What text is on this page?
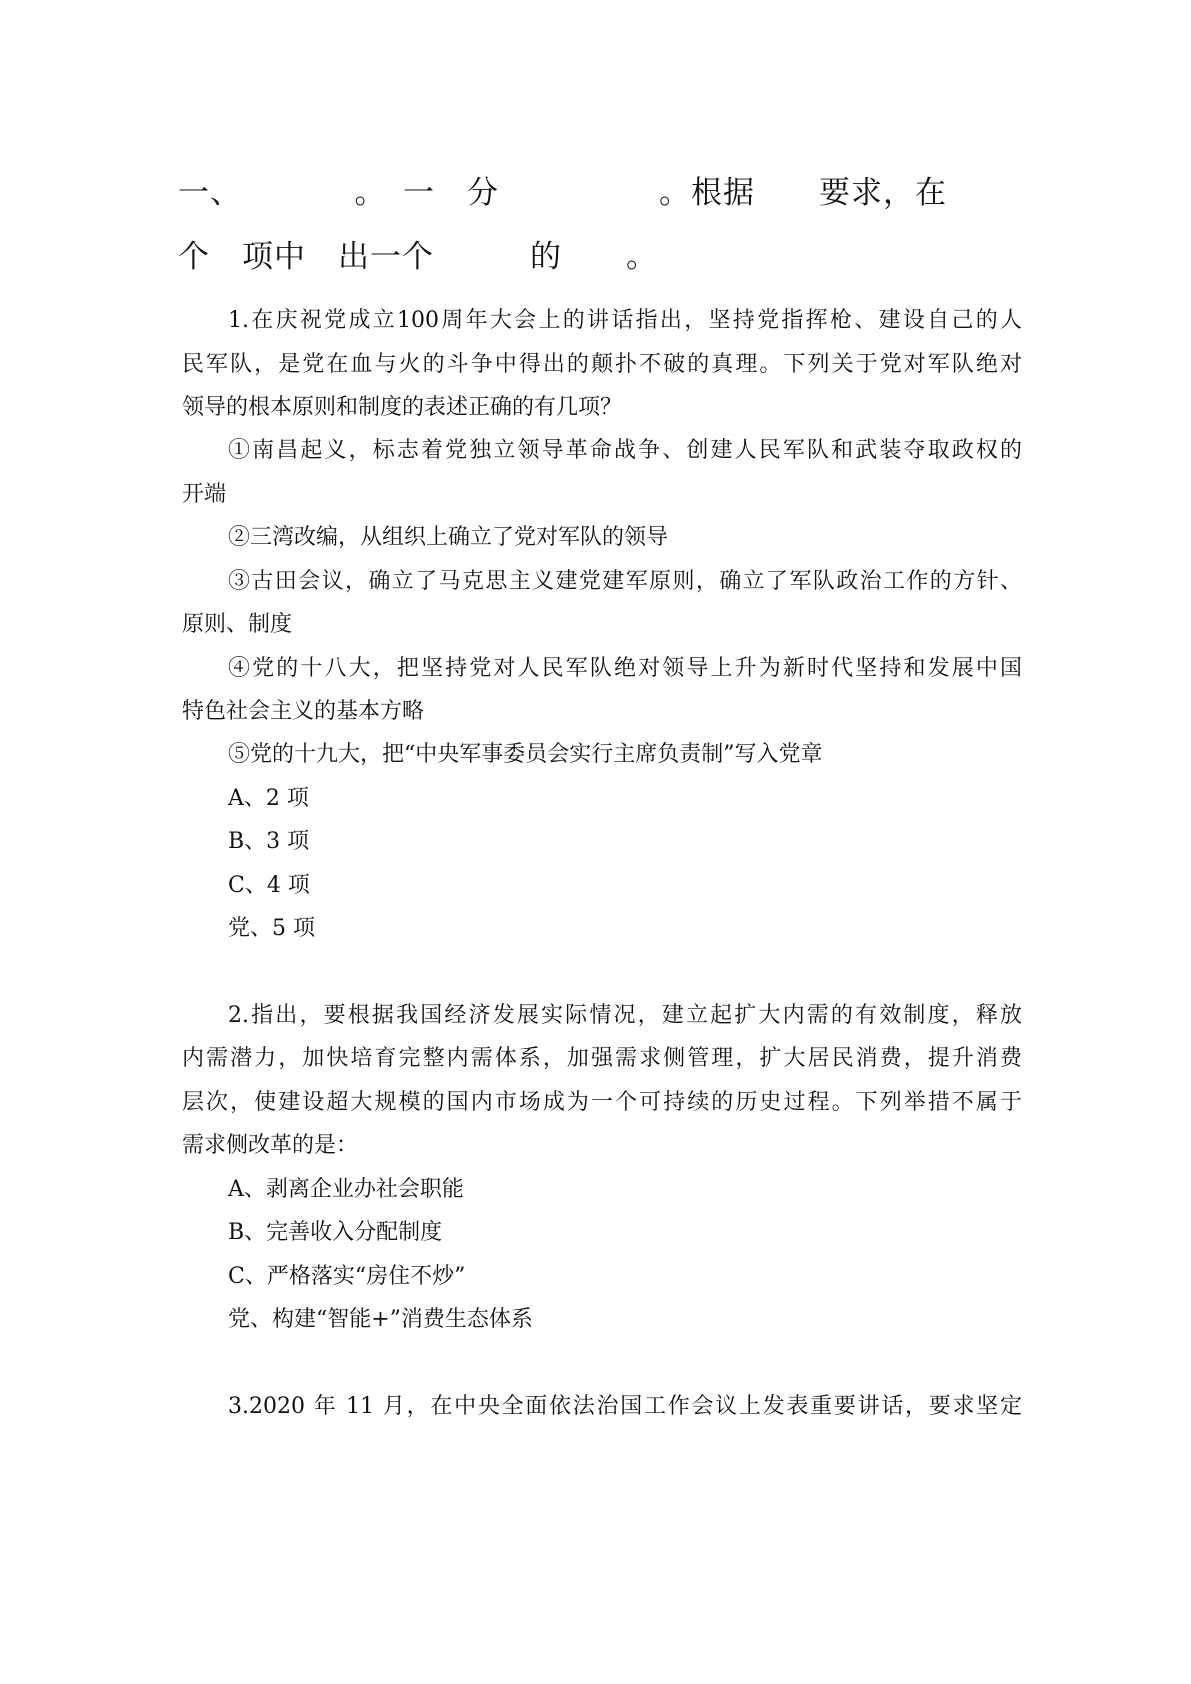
一、　　　　。　一　分　　　　　。根据　　要求，在
个　项中　出一个　　　的　　。
1.在庆祝党成立100周年大会上的讲话指出，坚持党指挥枪、建设自己的人
民军队，是党在血与火的斗争中得出的颠扑不破的真理。下列关于党对军队绝对
领导的根本原则和制度的表述正确的有几项？
①南昌起义，标志着党独立领导革命战争、创建人民军队和武装夺取政权的
开端
②三湾改编，从组织上确立了党对军队的领导
③古田会议，确立了马克思主义建党建军原则，确立了军队政治工作的方针、
原则、制度
④党的十八大，把坚持党对人民军队绝对领导上升为新时代坚持和发展中国
特色社会主义的基本方略
⑤党的十九大，把“中央军事委员会实行主席负责制”写入党章
A、2 项
B、3 项
C、4 项
党、5 项
2.指出，要根据我国经济发展实际情况，建立起扩大内需的有效制度，释放
内需潜力，加快培育完整内需体系，加强需求侧管理，扩大居民消费，提升消费
层次，使建设超大规模的国内市场成为一个可持续的历史过程。下列举措不属于
需求侧改革的是：
A、剥离企业办社会职能
B、完善收入分配制度
C、严格落实“房住不炒”
党、构建“智能+”消费生态体系
3.2020 年 11 月，在中央全面依法治国工作会议上发表重要讲话，要求坚定
